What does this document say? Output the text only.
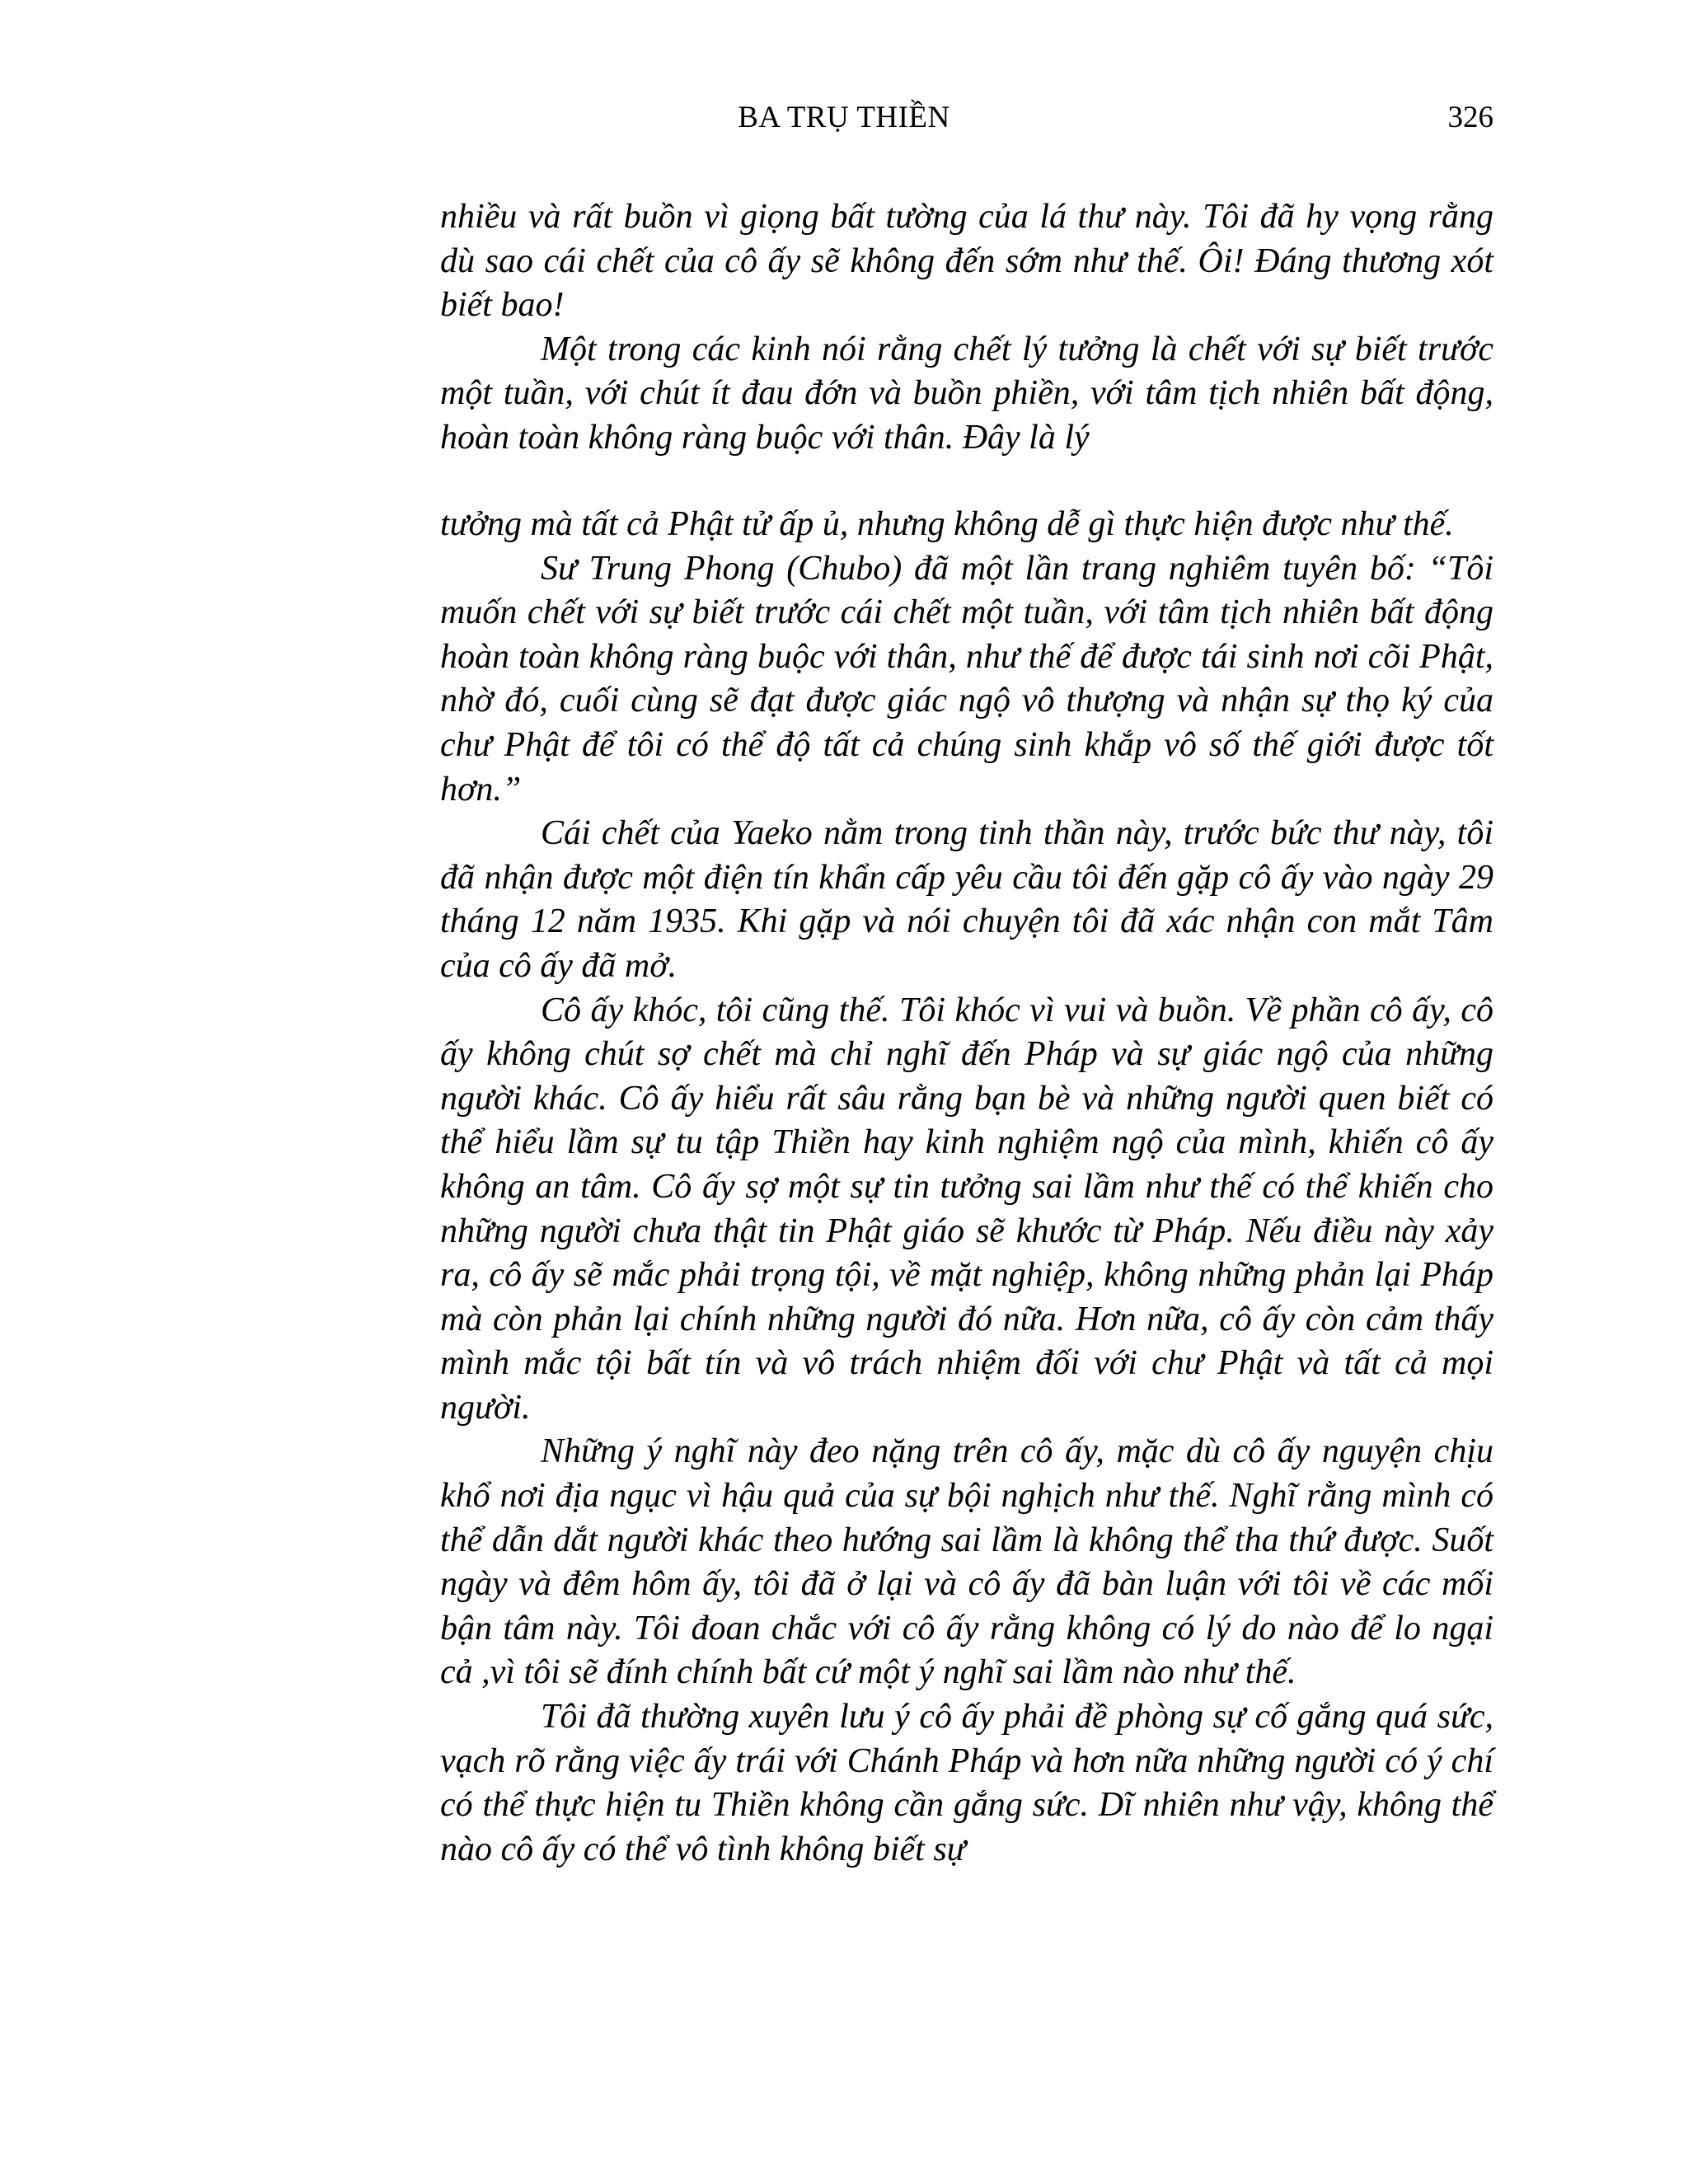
BA TRỤ THIỀN	326

nhiều và rất buồn vì giọng bất tường của lá thư này. Tôi đã hy vọng rằng dù sao cái chết của cô ấy sẽ không đến sớm như thế. Ôi! Đáng thương xót biết bao!

Một trong các kinh nói rằng chết lý tưởng là chết với sự biết trước một tuần, với chút ít đau đớn và buồn phiền, với tâm tịch nhiên bất động, hoàn toàn không ràng buộc với thân. Đây là lý

tưởng mà tất cả Phật tử ấp ủ, nhưng không dễ gì thực hiện được như thế.

Sư Trung Phong (Chubo) đã một lần trang nghiêm tuyên bố: “Tôi muốn chết với sự biết trước cái chết một tuần, với tâm tịch nhiên bất động hoàn toàn không ràng buộc với thân, như thế để được tái sinh nơi cõi Phật, nhờ đó, cuối cùng sẽ đạt được giác ngộ vô thượng và nhận sự thọ ký của chư Phật để tôi có thể độ tất cả chúng sinh khắp vô số thế giới được tốt hơn.”

Cái chết của Yaeko nằm trong tinh thần này, trước bức thư này, tôi đã nhận được một điện tín khẩn cấp yêu cầu tôi đến gặp cô ấy vào ngày 29 tháng 12 năm 1935. Khi gặp và nói chuyện tôi đã xác nhận con mắt Tâm của cô ấy đã mở.

Cô ấy khóc, tôi cũng thế. Tôi khóc vì vui và buồn. Về phần cô ấy, cô ấy không chút sợ chết mà chỉ nghĩ đến Pháp và sự giác ngộ của những người khác. Cô ấy hiểu rất sâu rằng bạn bè và những người quen biết có thể hiểu lầm sự tu tập Thiền hay kinh nghiệm ngộ của mình, khiến cô ấy không an tâm. Cô ấy sợ một sự tin tưởng sai lầm như thế có thể khiến cho những người chưa thật tin Phật giáo sẽ khước từ Pháp. Nếu điều này xảy ra, cô ấy sẽ mắc phải trọng tội, về mặt nghiệp, không những phản lại Pháp mà còn phản lại chính những người đó nữa. Hơn nữa, cô ấy còn cảm thấy mình mắc tội bất tín và vô trách nhiệm đối với chư Phật và tất cả mọi người.

Những ý nghĩ này đeo nặng trên cô ấy, mặc dù cô ấy nguyện chịu khổ nơi địa ngục vì hậu quả của sự bội nghịch như thế. Nghĩ rằng mình có thể dẫn dắt người khác theo hướng sai lầm là không thể tha thứ được. Suốt ngày và đêm hôm ấy, tôi đã ở lại và cô ấy đã bàn luận với tôi về các mối bận tâm này. Tôi đoan chắc với cô ấy rằng không có lý do nào để lo ngại cả ,vì tôi sẽ đính chính bất cứ một ý nghĩ sai lầm nào như thế.

Tôi đã thường xuyên lưu ý cô ấy phải đề phòng sự cố gắng quá sức, vạch rõ rằng việc ấy trái với Chánh Pháp và hơn nữa những người có ý chí có thể thực hiện tu Thiền không cần gắng sức. Dĩ nhiên như vậy, không thể nào cô ấy có thể vô tình không biết sự
